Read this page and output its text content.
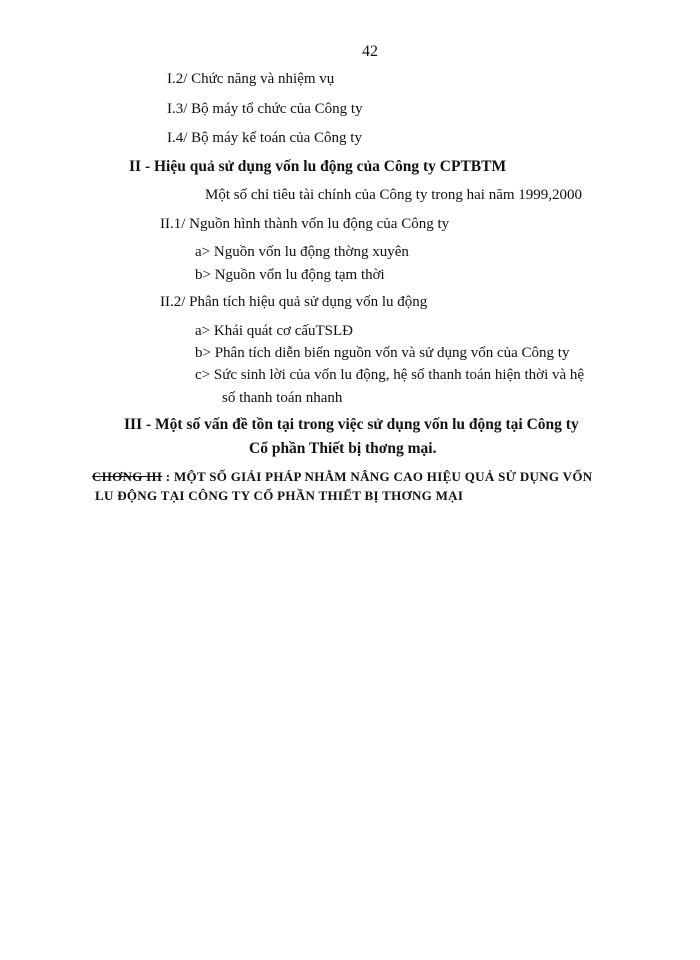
42
I.2/ Chức năng và nhiệm vụ
I.3/ Bộ máy tổ chức của Công ty
I.4/ Bộ máy kế toán của Công ty
II - Hiệu quả sử dụng vốn lu động của Công ty CPTBTM
Một số chỉ tiêu tài chính của Công ty trong hai năm 1999,2000
II.1/ Nguồn hình thành vốn lu động của Công ty
a> Nguồn vốn lu động thờng xuyên
b> Nguồn vốn lu động tạm thời
II.2/ Phân tích hiệu quả sử dụng vốn lu động
a> Khái quát cơ cấuTSLĐ
b> Phân tích diễn biến nguồn vốn và sử dụng vốn của Công ty
c> Sức sinh lời của vốn lu động, hệ số thanh toán hiện thời và hệ
số thanh toán nhanh
III - Một số vấn đề tồn tại trong việc sử dụng vốn lu động tại Công ty
Cổ phần Thiết bị thơng mại.
CHƠNG III : MỘT SỐ GIẢI PHÁP NHẰM NÂNG CAO HIỆU QUẢ SỬ DỤNG VỐN
LU ĐỘNG TẠI CÔNG TY CỔ PHẦN THIẾT BỊ THƠNG MẠI
